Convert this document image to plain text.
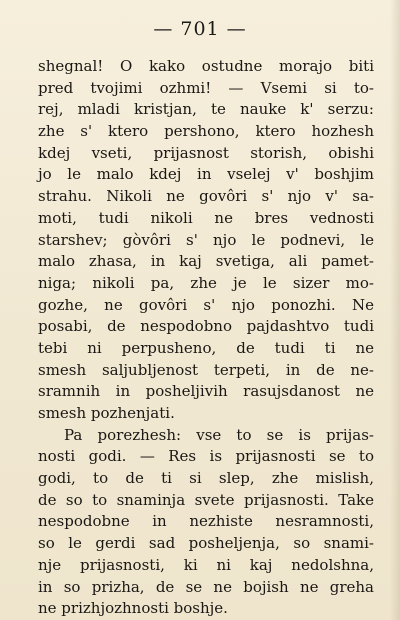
— 701 —
shegnal! O kako ostudne morajo biti
pred tvojimi ozhmi! — Vsemi si to-
rej, mladi kristjan, te nauke k' serzu:
zhe s' ktero pershono, ktero hozhesh
kdej vseti, prijasnost storish, obishi
jo le malo kdej in vselej v' boshjim
strahu. Nikoli ne govôri s' njo v' sa-
moti, tudi nikoli ne bres vednosti
starshev; gòvôri s' njo le podnevi, le
malo zhasa, in kaj svetiga, ali pamet-
niga; nikoli pa, zhe je le sizer mo-
gozhe, ne govôri s' njo ponozhi. Ne
posabi, de nespodobno pajdashtvo tudi
tebi ni perpusheno, de tudi ti ne
smesh saljubljenost terpeti, in de ne-
sramnih in posheljivih rasujsdanost ne
smesh pozhenjati.
Pa porezhesh: vse to se is prijas-
nosti godi. — Res is prijasnosti se to
godi, to de ti si slep, zhe mislish,
de so to snaminja svete prijasnosti. Take
nespodobne in nezhiste nesramnosti,
so le gerdi sad posheljenja, so snami-
nje prijasnosti, ki ni kaj nedolshna,
in so prizha, de se ne bojish ne greha
ne prizhjozhnosti boshje.
